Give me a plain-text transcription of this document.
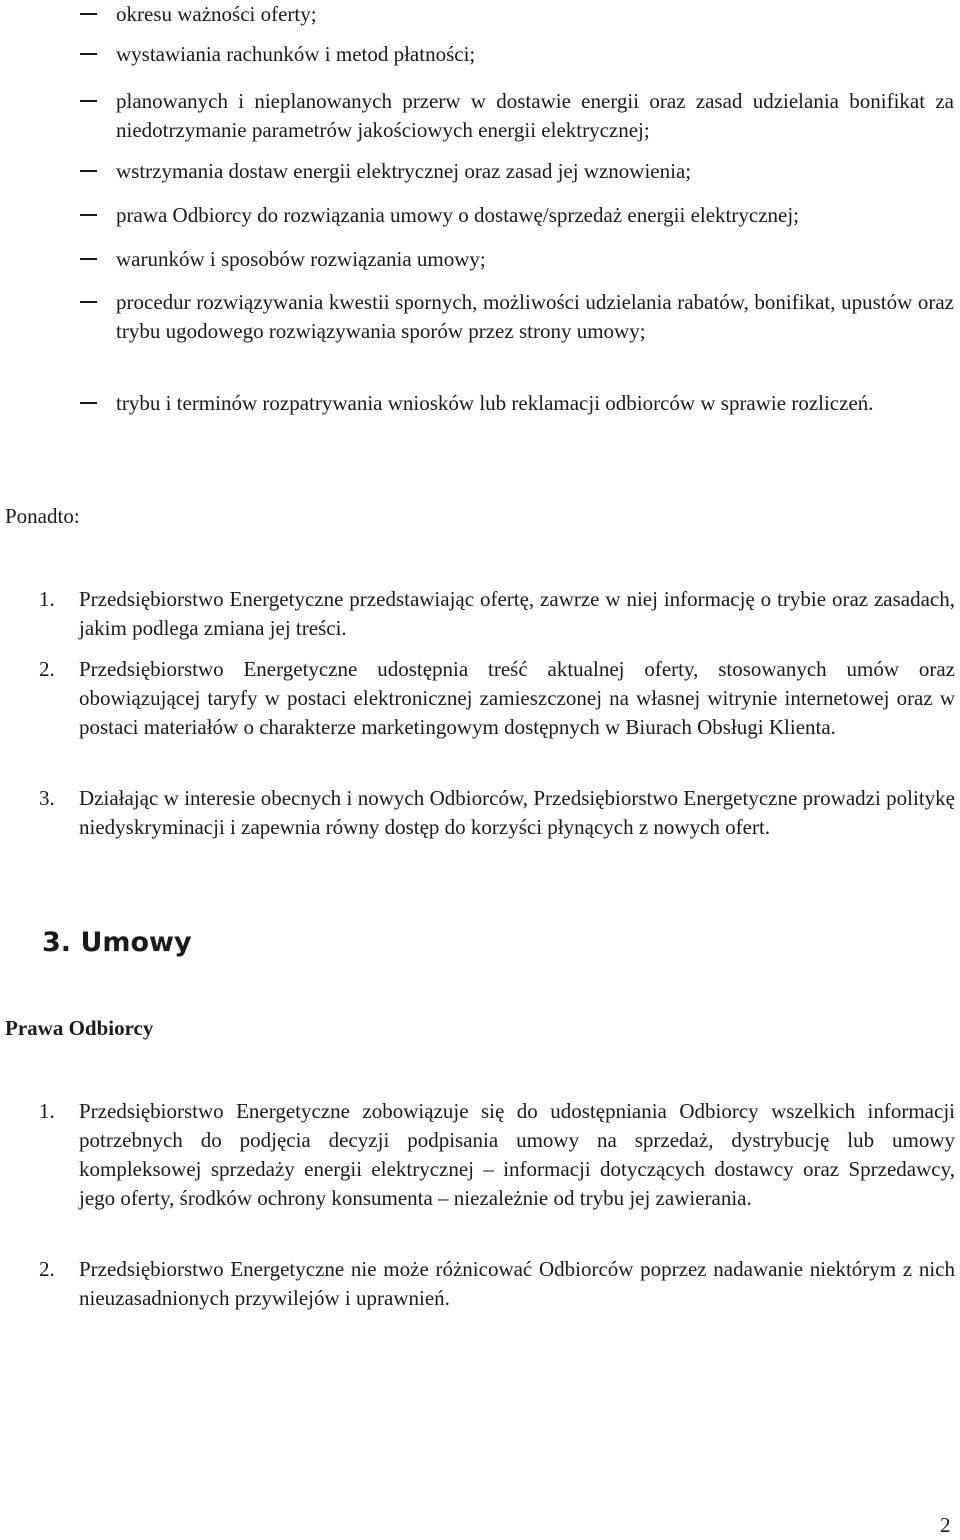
okresu ważności oferty;
wystawiania rachunków i metod płatności;
planowanych i nieplanowanych przerw w dostawie energii oraz zasad udzielania bonifikat za niedotrzymanie parametrów jakościowych energii elektrycznej;
wstrzymania dostaw energii elektrycznej oraz zasad jej wznowienia;
prawa Odbiorcy do rozwiązania umowy o dostawę/sprzedaż energii elektrycznej;
warunków i sposobów rozwiązania umowy;
procedur rozwiązywania kwestii spornych, możliwości udzielania rabatów, bonifikat, upustów oraz trybu ugodowego rozwiązywania sporów przez strony umowy;
trybu i terminów rozpatrywania wniosków lub reklamacji odbiorców w sprawie rozliczeń.
Ponadto:
1. Przedsiębiorstwo Energetyczne przedstawiając ofertę, zawrze w niej informację o trybie oraz zasadach, jakim podlega zmiana jej treści.
2. Przedsiębiorstwo Energetyczne udostępnia treść aktualnej oferty, stosowanych umów oraz obowiązującej taryfy w postaci elektronicznej zamieszczonej na własnej witrynie internetowej oraz w postaci materiałów o charakterze marketingowym dostępnych w Biurach Obsługi Klienta.
3. Działając w interesie obecnych i nowych Odbiorców, Przedsiębiorstwo Energetyczne prowadzi politykę niedyskryminacji i zapewnia równy dostęp do korzyści płynących z nowych ofert.
3. Umowy
Prawa Odbiorcy
1. Przedsiębiorstwo Energetyczne zobowiązuje się do udostępniania Odbiorcy wszelkich informacji potrzebnych do podjęcia decyzji podpisania umowy na sprzedaż, dystrybucję lub umowy kompleksowej sprzedaży energii elektrycznej – informacji dotyczących dostawcy oraz Sprzedawcy, jego oferty, środków ochrony konsumenta – niezależnie od trybu jej zawierania.
2. Przedsiębiorstwo Energetyczne nie może różnicować Odbiorców poprzez nadawanie niektórym z nich nieuzasadnionych przywilejów i uprawnień.
2
